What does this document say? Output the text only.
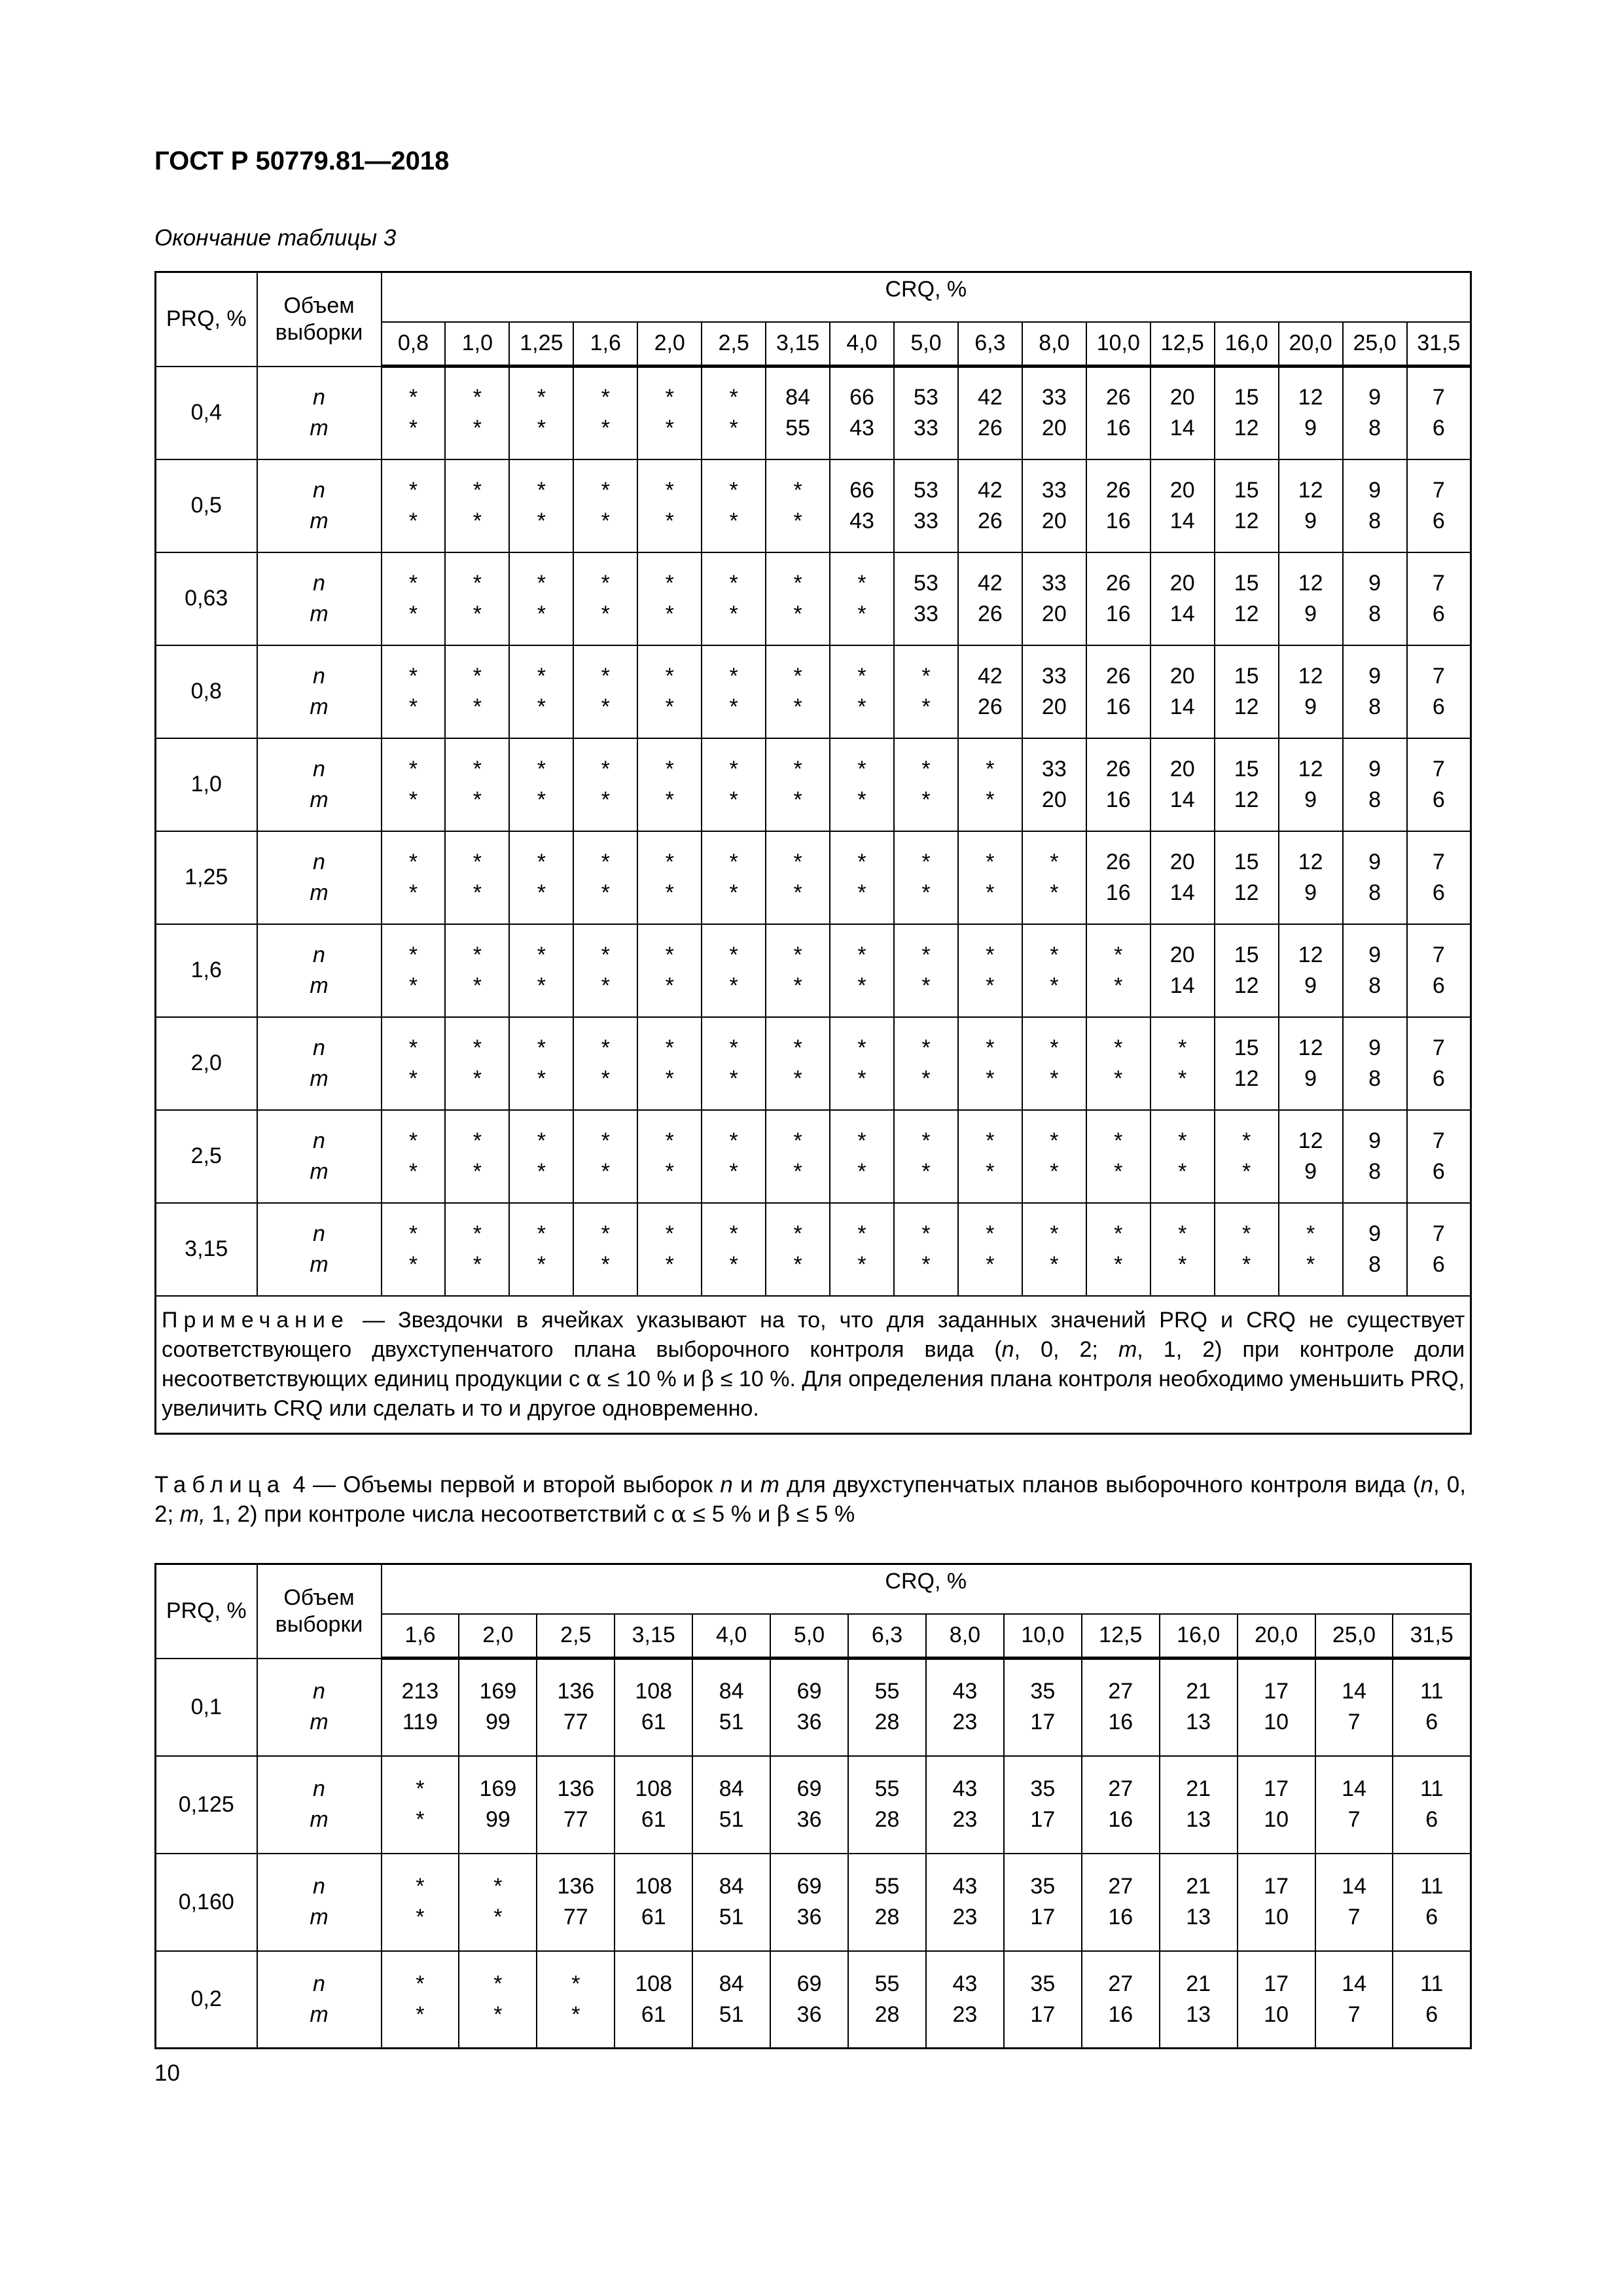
ГОСТ Р 50779.81—2018
Окончание таблицы 3
PRQ, %	Объем выборки	CRQ, %																
		0,8	1,0	1,25	1,6	2,0	2,5	3,15	4,0	5,0	6,3	8,0	10,0	12,5	16,0	20,0	25,0	31,5
0,4	n	*	*	*	*	*	*	84	66	53	42	33	26	20	15	12	9	7
	m	*	*	*	*	*	*	55	43	33	26	20	16	14	12	9	8	6
0,5	n	*	*	*	*	*	*	*	66	53	42	33	26	20	15	12	9	7
	m	*	*	*	*	*	*	*	43	33	26	20	16	14	12	9	8	6
0,63	n	*	*	*	*	*	*	*	*	53	42	33	26	20	15	12	9	7
	m	*	*	*	*	*	*	*	*	33	26	20	16	14	12	9	8	6
0,8	n	*	*	*	*	*	*	*	*	*	42	33	26	20	15	12	9	7
	m	*	*	*	*	*	*	*	*	*	26	20	16	14	12	9	8	6
1,0	n	*	*	*	*	*	*	*	*	*	*	33	26	20	15	12	9	7
	m	*	*	*	*	*	*	*	*	*	*	20	16	14	12	9	8	6
1,25	n	*	*	*	*	*	*	*	*	*	*	*	26	20	15	12	9	7
	m	*	*	*	*	*	*	*	*	*	*	*	16	14	12	9	8	6
1,6	n	*	*	*	*	*	*	*	*	*	*	*	*	20	15	12	9	7
	m	*	*	*	*	*	*	*	*	*	*	*	*	14	12	9	8	6
2,0	n	*	*	*	*	*	*	*	*	*	*	*	*	*	15	12	9	7
	m	*	*	*	*	*	*	*	*	*	*	*	*	*	12	9	8	6
2,5	n	*	*	*	*	*	*	*	*	*	*	*	*	*	*	12	9	7
	m	*	*	*	*	*	*	*	*	*	*	*	*	*	*	9	8	6
3,15	n	*	*	*	*	*	*	*	*	*	*	*	*	*	*	*	9	7
	m	*	*	*	*	*	*	*	*	*	*	*	*	*	*	*	8	6
Примечание — Звездочки в ячейках указывают на то, что для заданных значений PRQ и CRQ не существует соответствующего двухступенчатого плана выборочного контроля вида (n, 0, 2; m, 1, 2) при контроле доли несоответствующих единиц продукции с α ≤ 10 % и β ≤ 10 %. Для определения плана контроля необходимо уменьшить PRQ, увеличить CRQ или сделать и то и другое одновременно.																		
Таблица 4 — Объемы первой и второй выборок n и m для двухступенчатых планов выборочного контроля вида (n, 0, 2; m, 1, 2) при контроле числа несоответствий с α ≤ 5 % и β ≤ 5 %
PRQ, %	Объем выборки	CRQ, %													
		1,6	2,0	2,5	3,15	4,0	5,0	6,3	8,0	10,0	12,5	16,0	20,0	25,0	31,5
0,1	n	213	169	136	108	84	69	55	43	35	27	21	17	14	11
	m	119	99	77	61	51	36	28	23	17	16	13	10	7	6
0,125	n	*	169	136	108	84	69	55	43	35	27	21	17	14	11
	m	*	99	77	61	51	36	28	23	17	16	13	10	7	6
0,160	n	*	*	136	108	84	69	55	43	35	27	21	17	14	11
	m	*	*	77	61	51	36	28	23	17	16	13	10	7	6
0,2	n	*	*	*	108	84	69	55	43	35	27	21	17	14	11
	m	*	*	*	61	51	36	28	23	17	16	13	10	7	6
10
